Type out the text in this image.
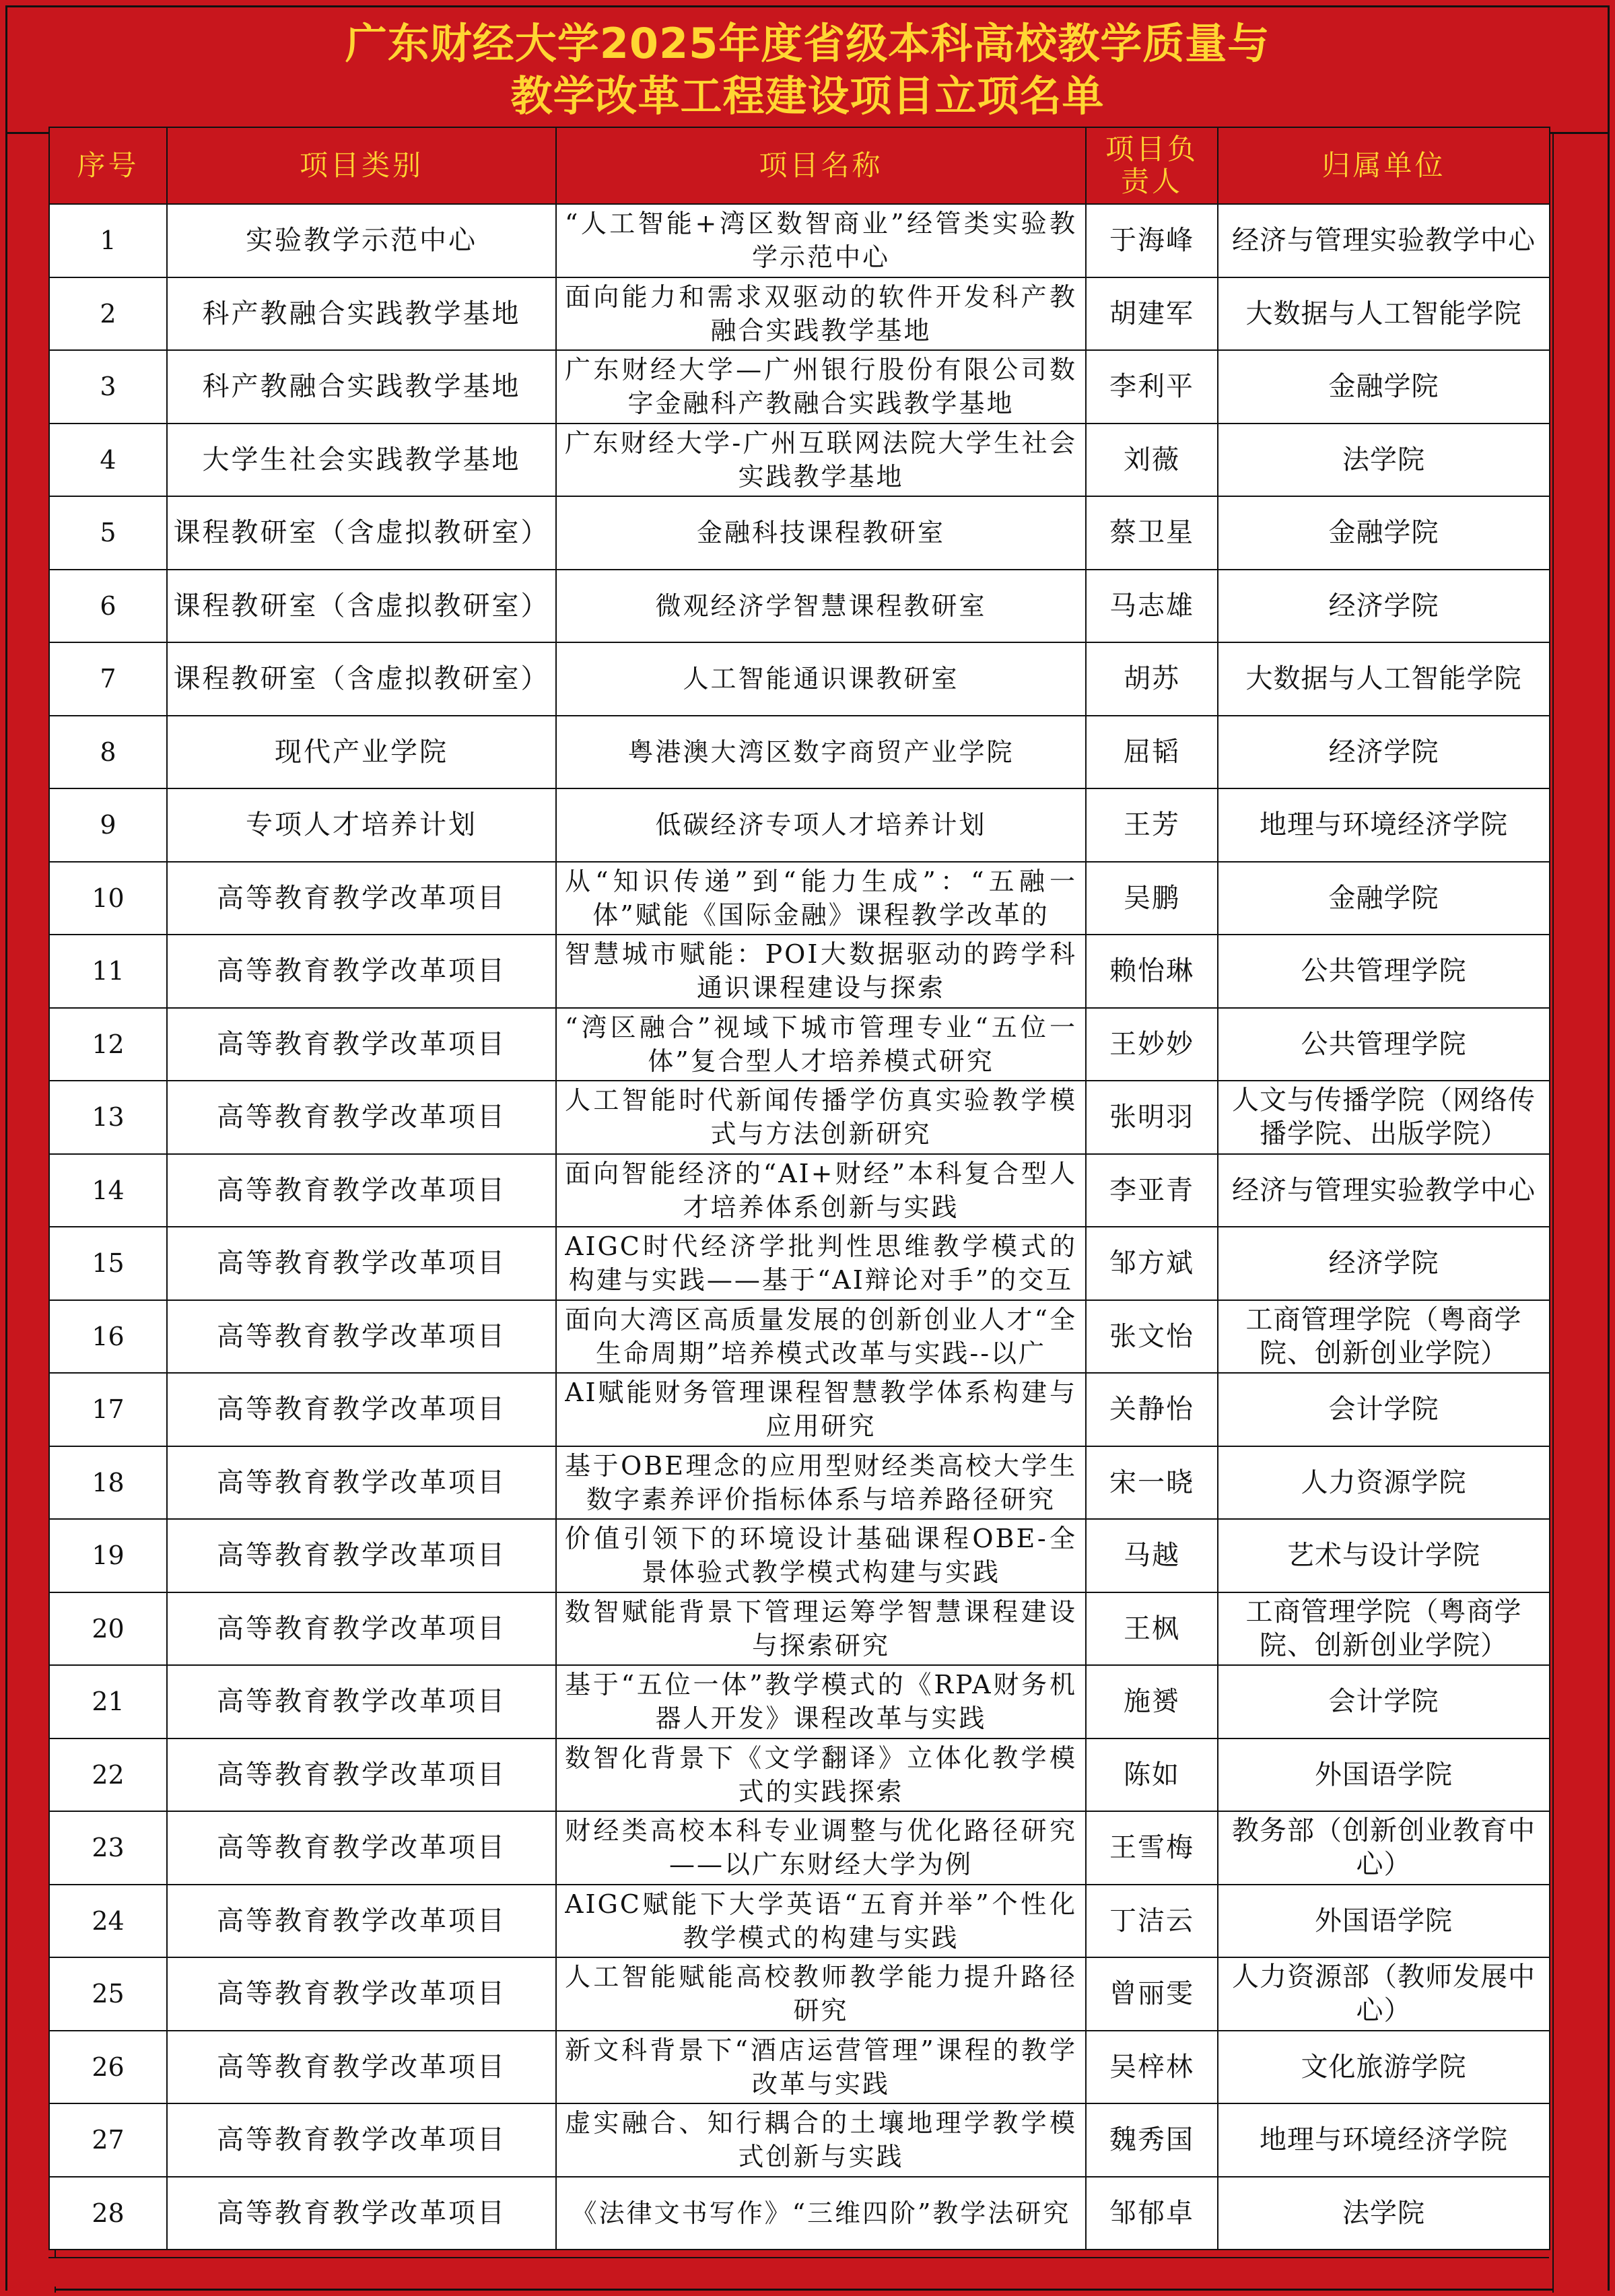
广东财经大学2025年度省级本科高校教学质量与
教学改革工程建设项目立项名单
序号	项目类别	项目名称	项目负责人	归属单位

1	实验教学示范中心	“人工智能+湾区数智商业”经管类实验教学示范中心	于海峰	经济与管理实验教学中心

2	科产教融合实践教学基地	面向能力和需求双驱动的软件开发科产教融合实践教学基地	胡建军	大数据与人工智能学院

3	科产教融合实践教学基地	广东财经大学—广州银行股份有限公司数字金融科产教融合实践教学基地	李利平	金融学院

4	大学生社会实践教学基地	广东财经大学-广州互联网法院大学生社会实践教学基地	刘薇	法学院

5	课程教研室（含虚拟教研室）	金融科技课程教研室	蔡卫星	金融学院

6	课程教研室（含虚拟教研室）	微观经济学智慧课程教研室	马志雄	经济学院

7	课程教研室（含虚拟教研室）	人工智能通识课教研室	胡苏	大数据与人工智能学院

8	现代产业学院	粤港澳大湾区数字商贸产业学院	屈韬	经济学院

9	专项人才培养计划	低碳经济专项人才培养计划	王芳	地理与环境经济学院

10	高等教育教学改革项目	从“知识传递”到“能力生成”：“五融一体”赋能《国际金融》课程教学改革的	吴鹏	金融学院

11	高等教育教学改革项目	智慧城市赋能：POI大数据驱动的跨学科通识课程建设与探索	赖怡琳	公共管理学院

12	高等教育教学改革项目	“湾区融合”视域下城市管理专业“五位一体”复合型人才培养模式研究	王妙妙	公共管理学院

13	高等教育教学改革项目	人工智能时代新闻传播学仿真实验教学模式与方法创新研究	张明羽	人文与传播学院（网络传播学院、出版学院）

14	高等教育教学改革项目	面向智能经济的“AI+财经”本科复合型人才培养体系创新与实践	李亚青	经济与管理实验教学中心

15	高等教育教学改革项目	AIGC时代经济学批判性思维教学模式的构建与实践——基于“AI辩论对手”的交互	邹方斌	经济学院

16	高等教育教学改革项目	面向大湾区高质量发展的创新创业人才“全生命周期”培养模式改革与实践--以广	张文怡	工商管理学院（粤商学院、创新创业学院）

17	高等教育教学改革项目	AI赋能财务管理课程智慧教学体系构建与应用研究	关静怡	会计学院

18	高等教育教学改革项目	基于OBE理念的应用型财经类高校大学生数字素养评价指标体系与培养路径研究	宋一晓	人力资源学院

19	高等教育教学改革项目	价值引领下的环境设计基础课程OBE-全景体验式教学模式构建与实践	马越	艺术与设计学院

20	高等教育教学改革项目	数智赋能背景下管理运筹学智慧课程建设与探索研究	王枫	工商管理学院（粤商学院、创新创业学院）

21	高等教育教学改革项目	基于“五位一体”教学模式的《RPA财务机器人开发》课程改革与实践	施赟	会计学院

22	高等教育教学改革项目	数智化背景下《文学翻译》立体化教学模式的实践探索	陈如	外国语学院

23	高等教育教学改革项目	财经类高校本科专业调整与优化路径研究——以广东财经大学为例	王雪梅	教务部（创新创业教育中心）

24	高等教育教学改革项目	AIGC赋能下大学英语“五育并举”个性化教学模式的构建与实践	丁洁云	外国语学院

25	高等教育教学改革项目	人工智能赋能高校教师教学能力提升路径研究	曾丽雯	人力资源部（教师发展中心）

26	高等教育教学改革项目	新文科背景下“酒店运营管理”课程的教学改革与实践	吴梓林	文化旅游学院

27	高等教育教学改革项目	虚实融合、知行耦合的土壤地理学教学模式创新与实践	魏秀国	地理与环境经济学院

28	高等教育教学改革项目	《法律文书写作》“三维四阶”教学法研究	邹郁卓	法学院
